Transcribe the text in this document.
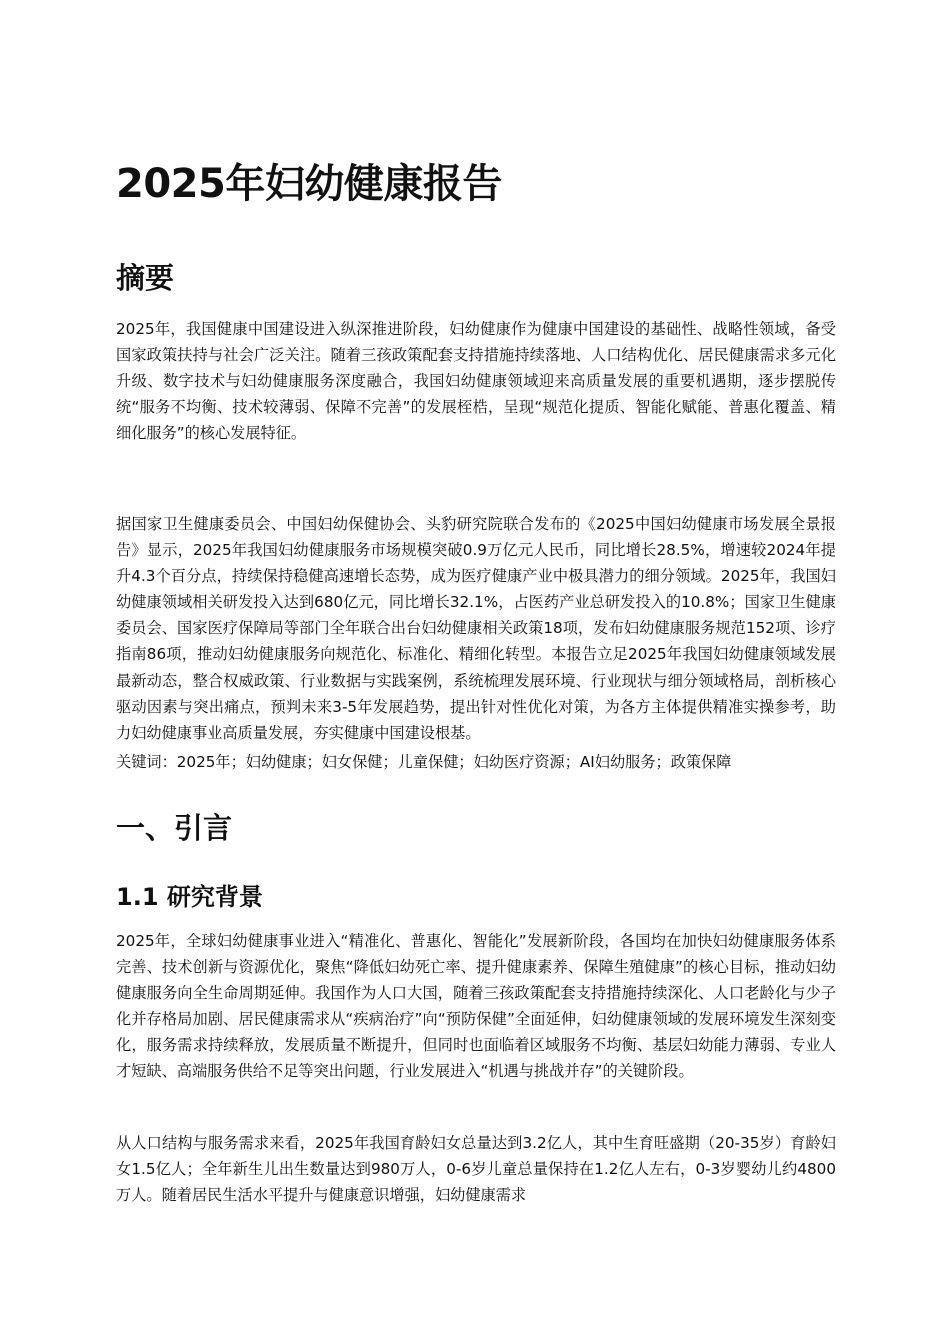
2025年妇幼健康报告
摘要

2025年，我国健康中国建设进入纵深推进阶段，妇幼健康作为健康中国建设的基础性、战略性领域，备受国家政策扶持与社会广泛关注。随着三孩政策配套支持措施持续落地、人口结构优化、居民健康需求多元化升级、数字技术与妇幼健康服务深度融合，我国妇幼健康领域迎来高质量发展的重要机遇期，逐步摆脱传统“服务不均衡、技术较薄弱、保障不完善”的发展桎梏，呈现“规范化提质、智能化赋能、普惠化覆盖、精细化服务”的核心发展特征。

据国家卫生健康委员会、中国妇幼保健协会、头豹研究院联合发布的《2025中国妇幼健康市场发展全景报告》显示，2025年我国妇幼健康服务市场规模突破0.9万亿元人民币，同比增长28.5%，增速较2024年提升4.3个百分点，持续保持稳健高速增长态势，成为医疗健康产业中极具潜力的细分领域。2025年，我国妇幼健康领域相关研发投入达到680亿元，同比增长32.1%，占医药产业总研发投入的10.8%；国家卫生健康委员会、国家医疗保障局等部门全年联合出台妇幼健康相关政策18项，发布妇幼健康服务规范152项、诊疗指南86项，推动妇幼健康服务向规范化、标准化、精细化转型。本报告立足2025年我国妇幼健康领域发展最新动态，整合权威政策、行业数据与实践案例，系统梳理发展环境、行业现状与细分领域格局，剖析核心驱动因素与突出痛点，预判未来3-5年发展趋势，提出针对性优化对策，为各方主体提供精准实操参考，助力妇幼健康事业高质量发展，夯实健康中国建设根基。

关键词：2025年；妇幼健康；妇女保健；儿童保健；妇幼医疗资源；AI妇幼服务；政策保障

一、引言
1.1 研究背景

2025年，全球妇幼健康事业进入“精准化、普惠化、智能化”发展新阶段，各国均在加快妇幼健康服务体系完善、技术创新与资源优化，聚焦“降低妇幼死亡率、提升健康素养、保障生殖健康”的核心目标，推动妇幼健康服务向全生命周期延伸。我国作为人口大国，随着三孩政策配套支持措施持续深化、人口老龄化与少子化并存格局加剧、居民健康需求从“疾病治疗”向“预防保健”全面延伸，妇幼健康领域的发展环境发生深刻变化，服务需求持续释放，发展质量不断提升，但同时也面临着区域服务不均衡、基层妇幼能力薄弱、专业人才短缺、高端服务供给不足等突出问题，行业发展进入“机遇与挑战并存”的关键阶段。

从人口结构与服务需求来看，2025年我国育龄妇女总量达到3.2亿人，其中生育旺盛期（20-35岁）育龄妇女1.5亿人；全年新生儿出生数量达到980万人，0-6岁儿童总量保持在1.2亿人左右，0-3岁婴幼儿约4800万人。随着居民生活水平提升与健康意识增强，妇幼健康需求
